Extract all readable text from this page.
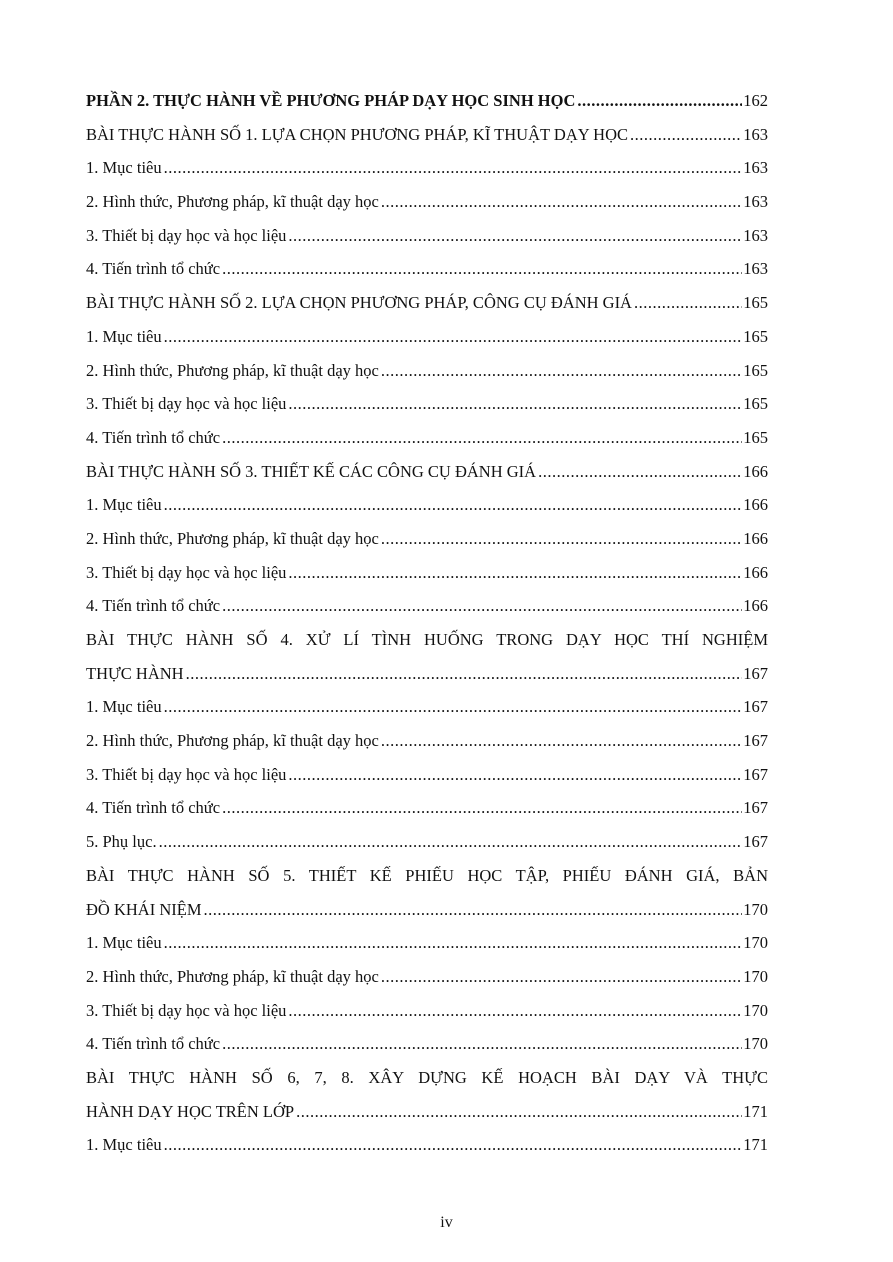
PHẦN 2. THỰC HÀNH VỀ PHƯƠNG PHÁP DẠY HỌC SINH HỌC .....	162
BÀI THỰC HÀNH SỐ 1. LỰA CHỌN PHƯƠNG PHÁP, KĨ THUẬT DẠY HỌC .....	163
1. Mục tiêu .....	163
2. Hình thức, Phương pháp, kĩ thuật dạy học .....	163
3. Thiết bị dạy học và học liệu .....	163
4. Tiến trình tổ chức .....	163
BÀI THỰC HÀNH SỐ 2. LỰA CHỌN PHƯƠNG PHÁP, CÔNG CỤ ĐÁNH GIÁ .....	165
1. Mục tiêu .....	165
2. Hình thức, Phương pháp, kĩ thuật dạy học .....	165
3. Thiết bị dạy học và học liệu .....	165
4. Tiến trình tổ chức .....	165
BÀI THỰC HÀNH SỐ 3. THIẾT KẾ CÁC CÔNG CỤ ĐÁNH GIÁ .....	166
1. Mục tiêu .....	166
2. Hình thức, Phương pháp, kĩ thuật dạy học .....	166
3. Thiết bị dạy học và học liệu .....	166
4. Tiến trình tổ chức .....	166
BÀI THỰC HÀNH SỐ 4. XỬ LÍ TÌNH HUỐNG TRONG DẠY HỌC THÍ NGHIỆM
THỰC HÀNH .....	167
1. Mục tiêu .....	167
2. Hình thức, Phương pháp, kĩ thuật dạy học .....	167
3. Thiết bị dạy học và học liệu .....	167
4. Tiến trình tổ chức .....	167
5. Phụ lục. .....	167
BÀI THỰC HÀNH SỐ 5. THIẾT KẾ PHIẾU HỌC TẬP, PHIẾU ĐÁNH GIÁ, BẢN
ĐỒ KHÁI NIỆM .....	170
1. Mục tiêu .....	170
2. Hình thức, Phương pháp, kĩ thuật dạy học .....	170
3. Thiết bị dạy học và học liệu .....	170
4. Tiến trình tổ chức .....	170
BÀI THỰC HÀNH SỐ 6, 7, 8. XÂY DỰNG KẾ HOẠCH BÀI DẠY VÀ THỰC
HÀNH DẠY HỌC TRÊN LỚP .....	171
1. Mục tiêu .....	171
iv
